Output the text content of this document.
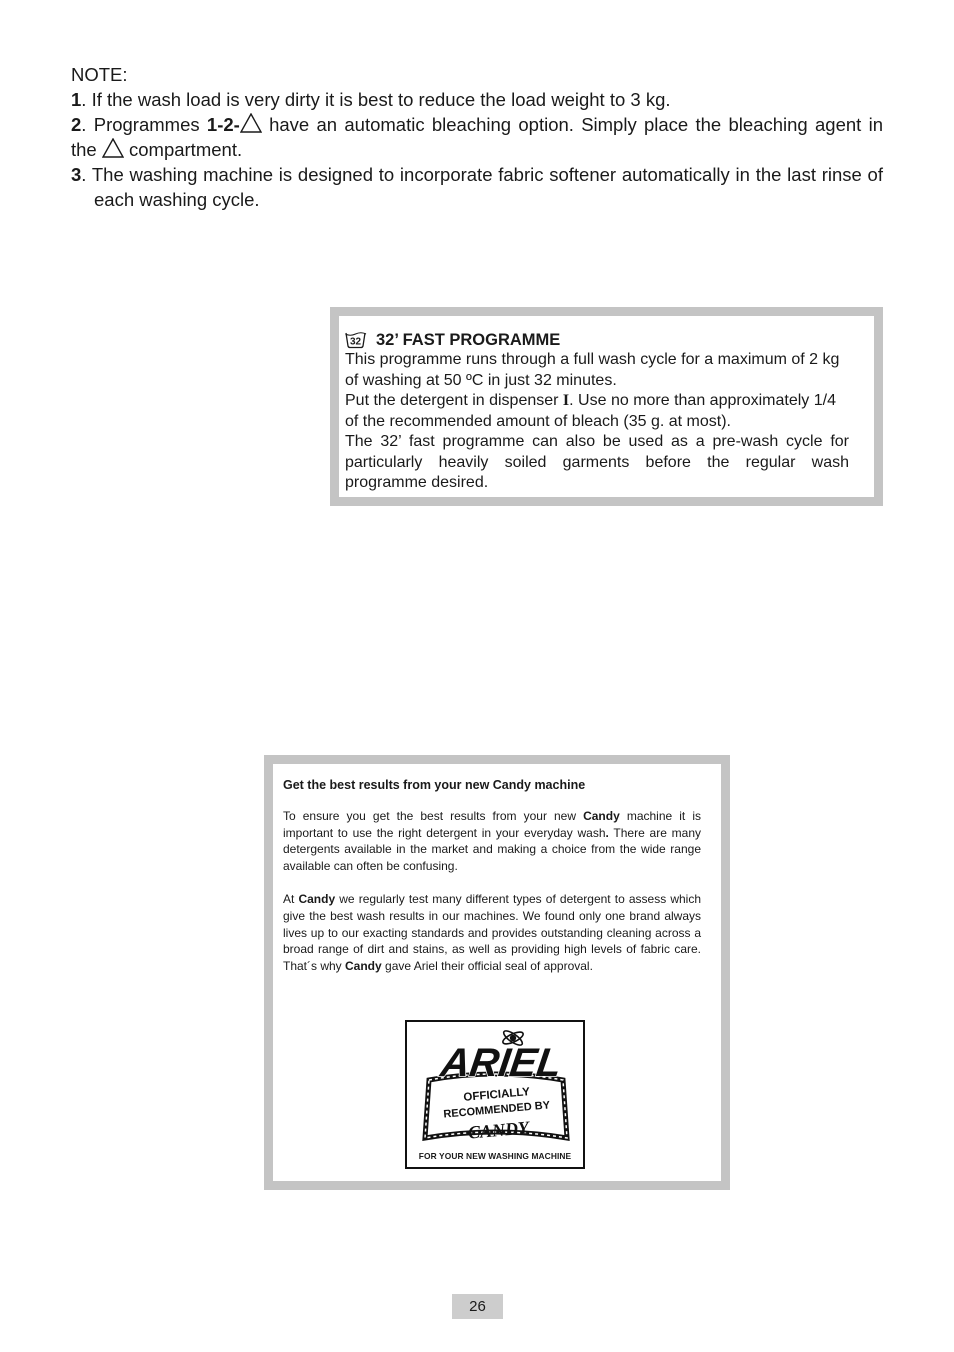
NOTE:

1. If the wash load is very dirty it is best to reduce the load weight to 3 kg.

2. Programmes 1-2- have an automatic bleaching option. Simply place the bleaching agent in the  compartment.

3. The washing machine is designed to incorporate fabric softener automatically in the last rinse of each washing cycle.

32 32’ FAST PROGRAMME

This programme runs through a full wash cycle for a maximum of 2 kg of washing at 50 ºC in just 32 minutes.

Put the detergent in dispenser I. Use no more than approximately 1/4 of the recommended amount of bleach (35 g. at most).

The 32’ fast programme can also be used as a pre-wash cycle for particularly heavily soiled garments before the regular wash programme desired.

Get the best results from your new Candy machine

To ensure you get the best results from your new Candy machine it is important to use the right detergent in your everyday wash. There are many detergents available in the market and making a choice from the wide range available can often be confusing.

At Candy we regularly test many different types of detergent to assess which give the best wash results in our machines. We found only one brand always lives up to our exacting standards and provides outstanding cleaning across a broad range of dirt and stains, as well as providing high levels of fabric care. That´s why Candy gave Ariel their official seal of approval.

ARIEL
OFFICIALLY
RECOMMENDED BY
CANDY
FOR YOUR NEW WASHING MACHINE
26
